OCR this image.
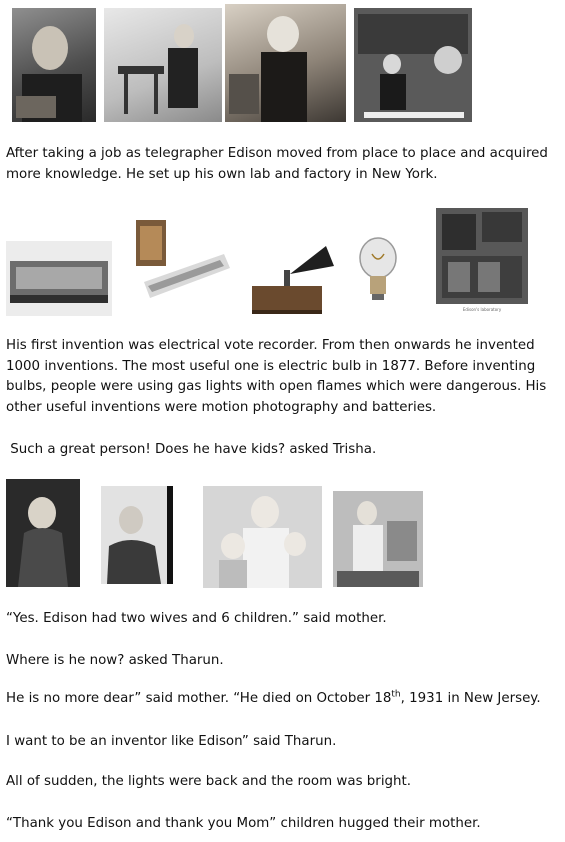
After taking a job as telegrapher Edison moved from place to place and acquired more knowledge. He set up his own lab and factory in New York.

Edison's laboratory

His first invention was electrical vote recorder. From then onwards he invented 1000 inventions. The most useful one is electric bulb in 1877. Before inventing bulbs, people were using gas lights with open flames which were dangerous. His other useful inventions were motion photography and batteries.

Such a great person! Does he have kids? asked Trisha.

“Yes. Edison had two wives and 6 children.” said mother.

Where is he now? asked Tharun.

He is no more dear” said mother. “He died on October 18th, 1931 in New Jersey.

I want to be an inventor like Edison” said Tharun.

All of sudden, the lights were back and the room was bright.

“Thank you Edison and thank you Mom” children hugged their mother.
